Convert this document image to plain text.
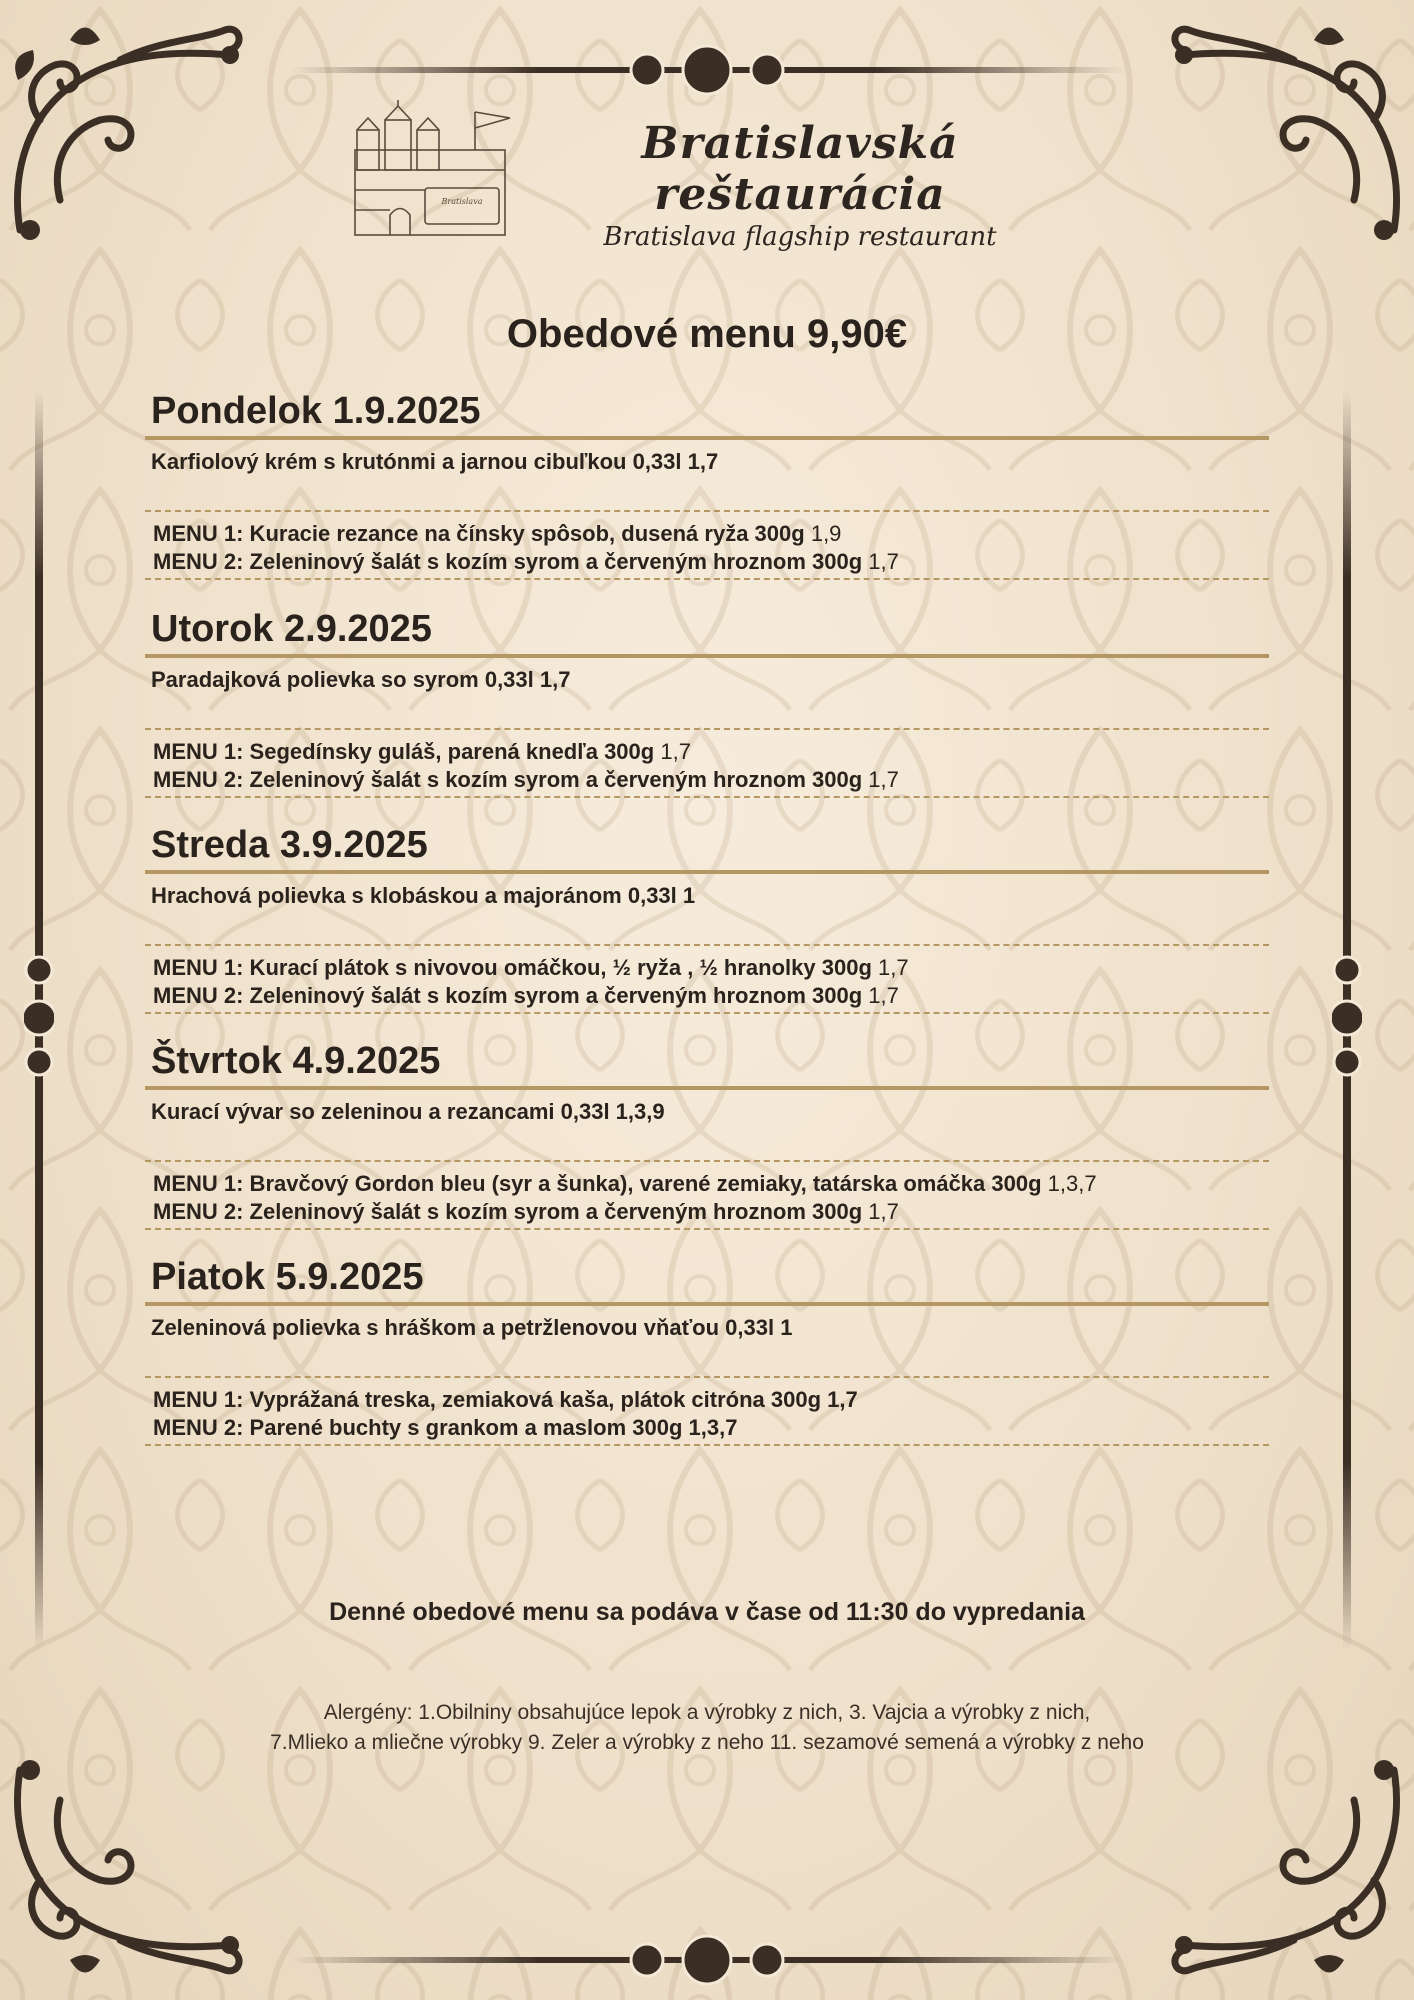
Bratislava
Bratislavská reštaurácia
Bratislava flagship restaurant
Obedové menu 9,90€
Pondelok 1.9.2025
Karfiolový krém s krutónmi a jarnou cibuľkou 0,33l 1,7
MENU 1: Kuracie rezance na čínsky spôsob, dusená ryža 300g 1,9
MENU 2: Zeleninový šalát s kozím syrom a červeným hroznom 300g 1,7
Utorok 2.9.2025
Paradajková polievka so syrom 0,33l 1,7
MENU 1: Segedínsky guláš, parená knedľa 300g 1,7
MENU 2: Zeleninový šalát s kozím syrom a červeným hroznom 300g 1,7
Streda 3.9.2025
Hrachová polievka s klobáskou a majoránom 0,33l 1
MENU 1: Kurací plátok s nivovou omáčkou, ½ ryža , ½ hranolky 300g 1,7
MENU 2: Zeleninový šalát s kozím syrom a červeným hroznom 300g 1,7
Štvrtok 4.9.2025
Kurací vývar so zeleninou a rezancami 0,33l 1,3,9
MENU 1: Bravčový Gordon bleu (syr a šunka), varené zemiaky, tatárska omáčka 300g 1,3,7
MENU 2: Zeleninový šalát s kozím syrom a červeným hroznom 300g 1,7
Piatok 5.9.2025
Zeleninová polievka s hráškom a petržlenovou vňaťou 0,33l 1
MENU 1: Vyprážaná treska, zemiaková kaša, plátok citróna 300g 1,7
MENU 2: Parené buchty s grankom a maslom 300g 1,3,7
Denné obedové menu sa podáva v čase od 11:30 do vypredania
Alergény: 1.Obilniny obsahujúce lepok a výrobky z nich, 3. Vajcia a výrobky z nich,
7.Mlieko a mliečne výrobky 9. Zeler a výrobky z neho 11. sezamové semená a výrobky z neho
